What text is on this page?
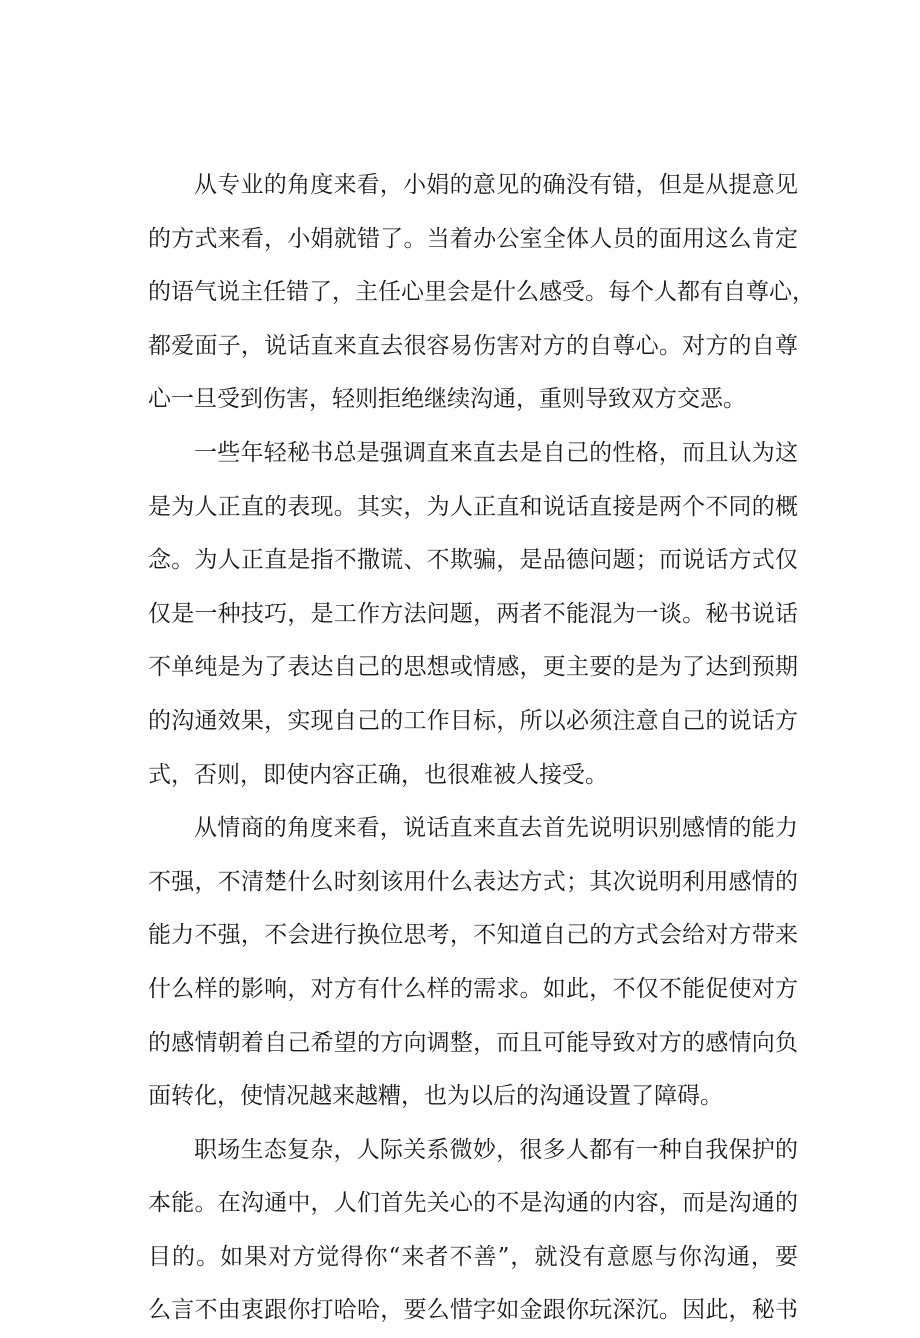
从专业的角度来看，小娟的意见的确没有错，但是从提意见
的方式来看，小娟就错了。当着办公室全体人员的面用这么肯定
的语气说主任错了，主任心里会是什么感受。每个人都有自尊心，
都爱面子，说话直来直去很容易伤害对方的自尊心。对方的自尊
心一旦受到伤害，轻则拒绝继续沟通，重则导致双方交恶。
一些年轻秘书总是强调直来直去是自己的性格，而且认为这
是为人正直的表现。其实，为人正直和说话直接是两个不同的概
念。为人正直是指不撒谎、不欺骗，是品德问题；而说话方式仅
仅是一种技巧，是工作方法问题，两者不能混为一谈。秘书说话
不单纯是为了表达自己的思想或情感，更主要的是为了达到预期
的沟通效果，实现自己的工作目标，所以必须注意自己的说话方
式，否则，即使内容正确，也很难被人接受。
从情商的角度来看，说话直来直去首先说明识别感情的能力
不强，不清楚什么时刻该用什么表达方式；其次说明利用感情的
能力不强，不会进行换位思考，不知道自己的方式会给对方带来
什么样的影响，对方有什么样的需求。如此，不仅不能促使对方
的感情朝着自己希望的方向调整，而且可能导致对方的感情向负
面转化，使情况越来越糟，也为以后的沟通设置了障碍。
职场生态复杂，人际关系微妙，很多人都有一种自我保护的
本能。在沟通中，人们首先关心的不是沟通的内容，而是沟通的
目的。如果对方觉得你“来者不善”，就没有意愿与你沟通，要
么言不由衷跟你打哈哈，要么惜字如金跟你玩深沉。因此，秘书
